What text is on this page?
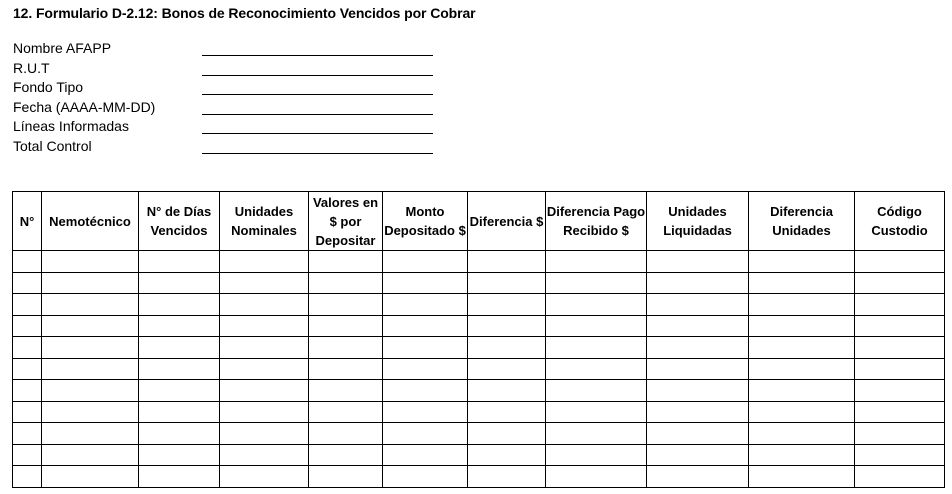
12. Formulario D-2.12: Bonos de Reconocimiento Vencidos por Cobrar
Nombre AFAPP
R.U.T
Fondo Tipo
Fecha (AAAA-MM-DD)
Líneas Informadas
Total Control
N°	Nemotécnico	N° de Días Vencidos	Unidades Nominales	Valores en $ por Depositar	Monto Depositado $	Diferencia $	Diferencia Pago Recibido $	Unidades Liquidadas	Diferencia Unidades	Código Custodio
